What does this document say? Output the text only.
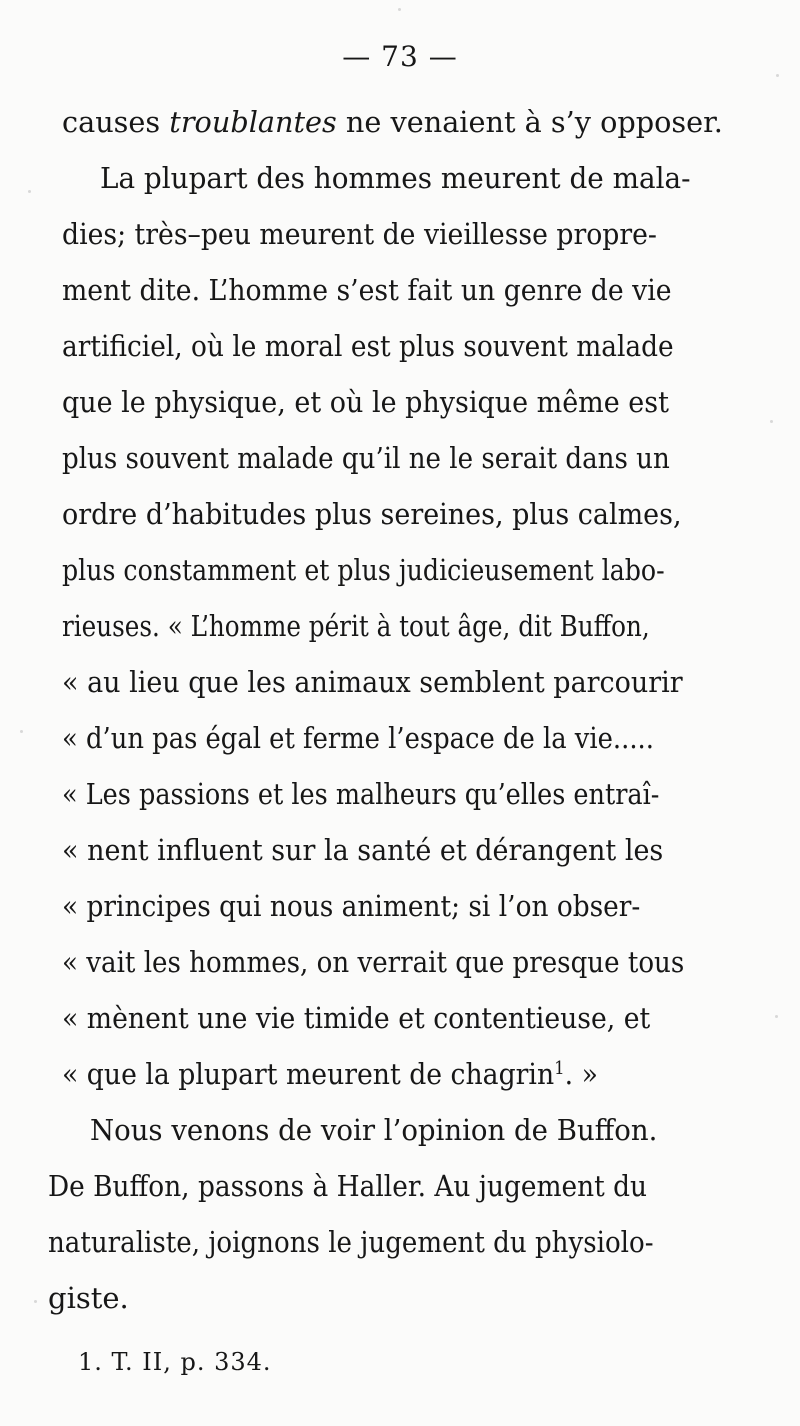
— 73 —
causes troublantes ne venaient à s’y opposer.
La plupart des hommes meurent de mala-
dies; très–peu meurent de vieillesse propre-
ment dite. L’homme s’est fait un genre de vie
artificiel, où le moral est plus souvent malade
que le physique, et où le physique même est
plus souvent malade qu’il ne le serait dans un
ordre d’habitudes plus sereines, plus calmes,
plus constamment et plus judicieusement labo-
rieuses. « L’homme périt à tout âge, dit Buffon,
« au lieu que les animaux semblent parcourir
« d’un pas égal et ferme l’espace de la vie.....
« Les passions et les malheurs qu’elles entraî-
« nent influent sur la santé et dérangent les
« principes qui nous animent; si l’on obser-
« vait les hommes, on verrait que presque tous
« mènent une vie timide et contentieuse, et
« que la plupart meurent de chagrin$^1$. »
Nous venons de voir l’opinion de Buffon.
De Buffon, passons à Haller. Au jugement du
naturaliste, joignons le jugement du physiolo-
giste.
1. T. II, p. 334.
